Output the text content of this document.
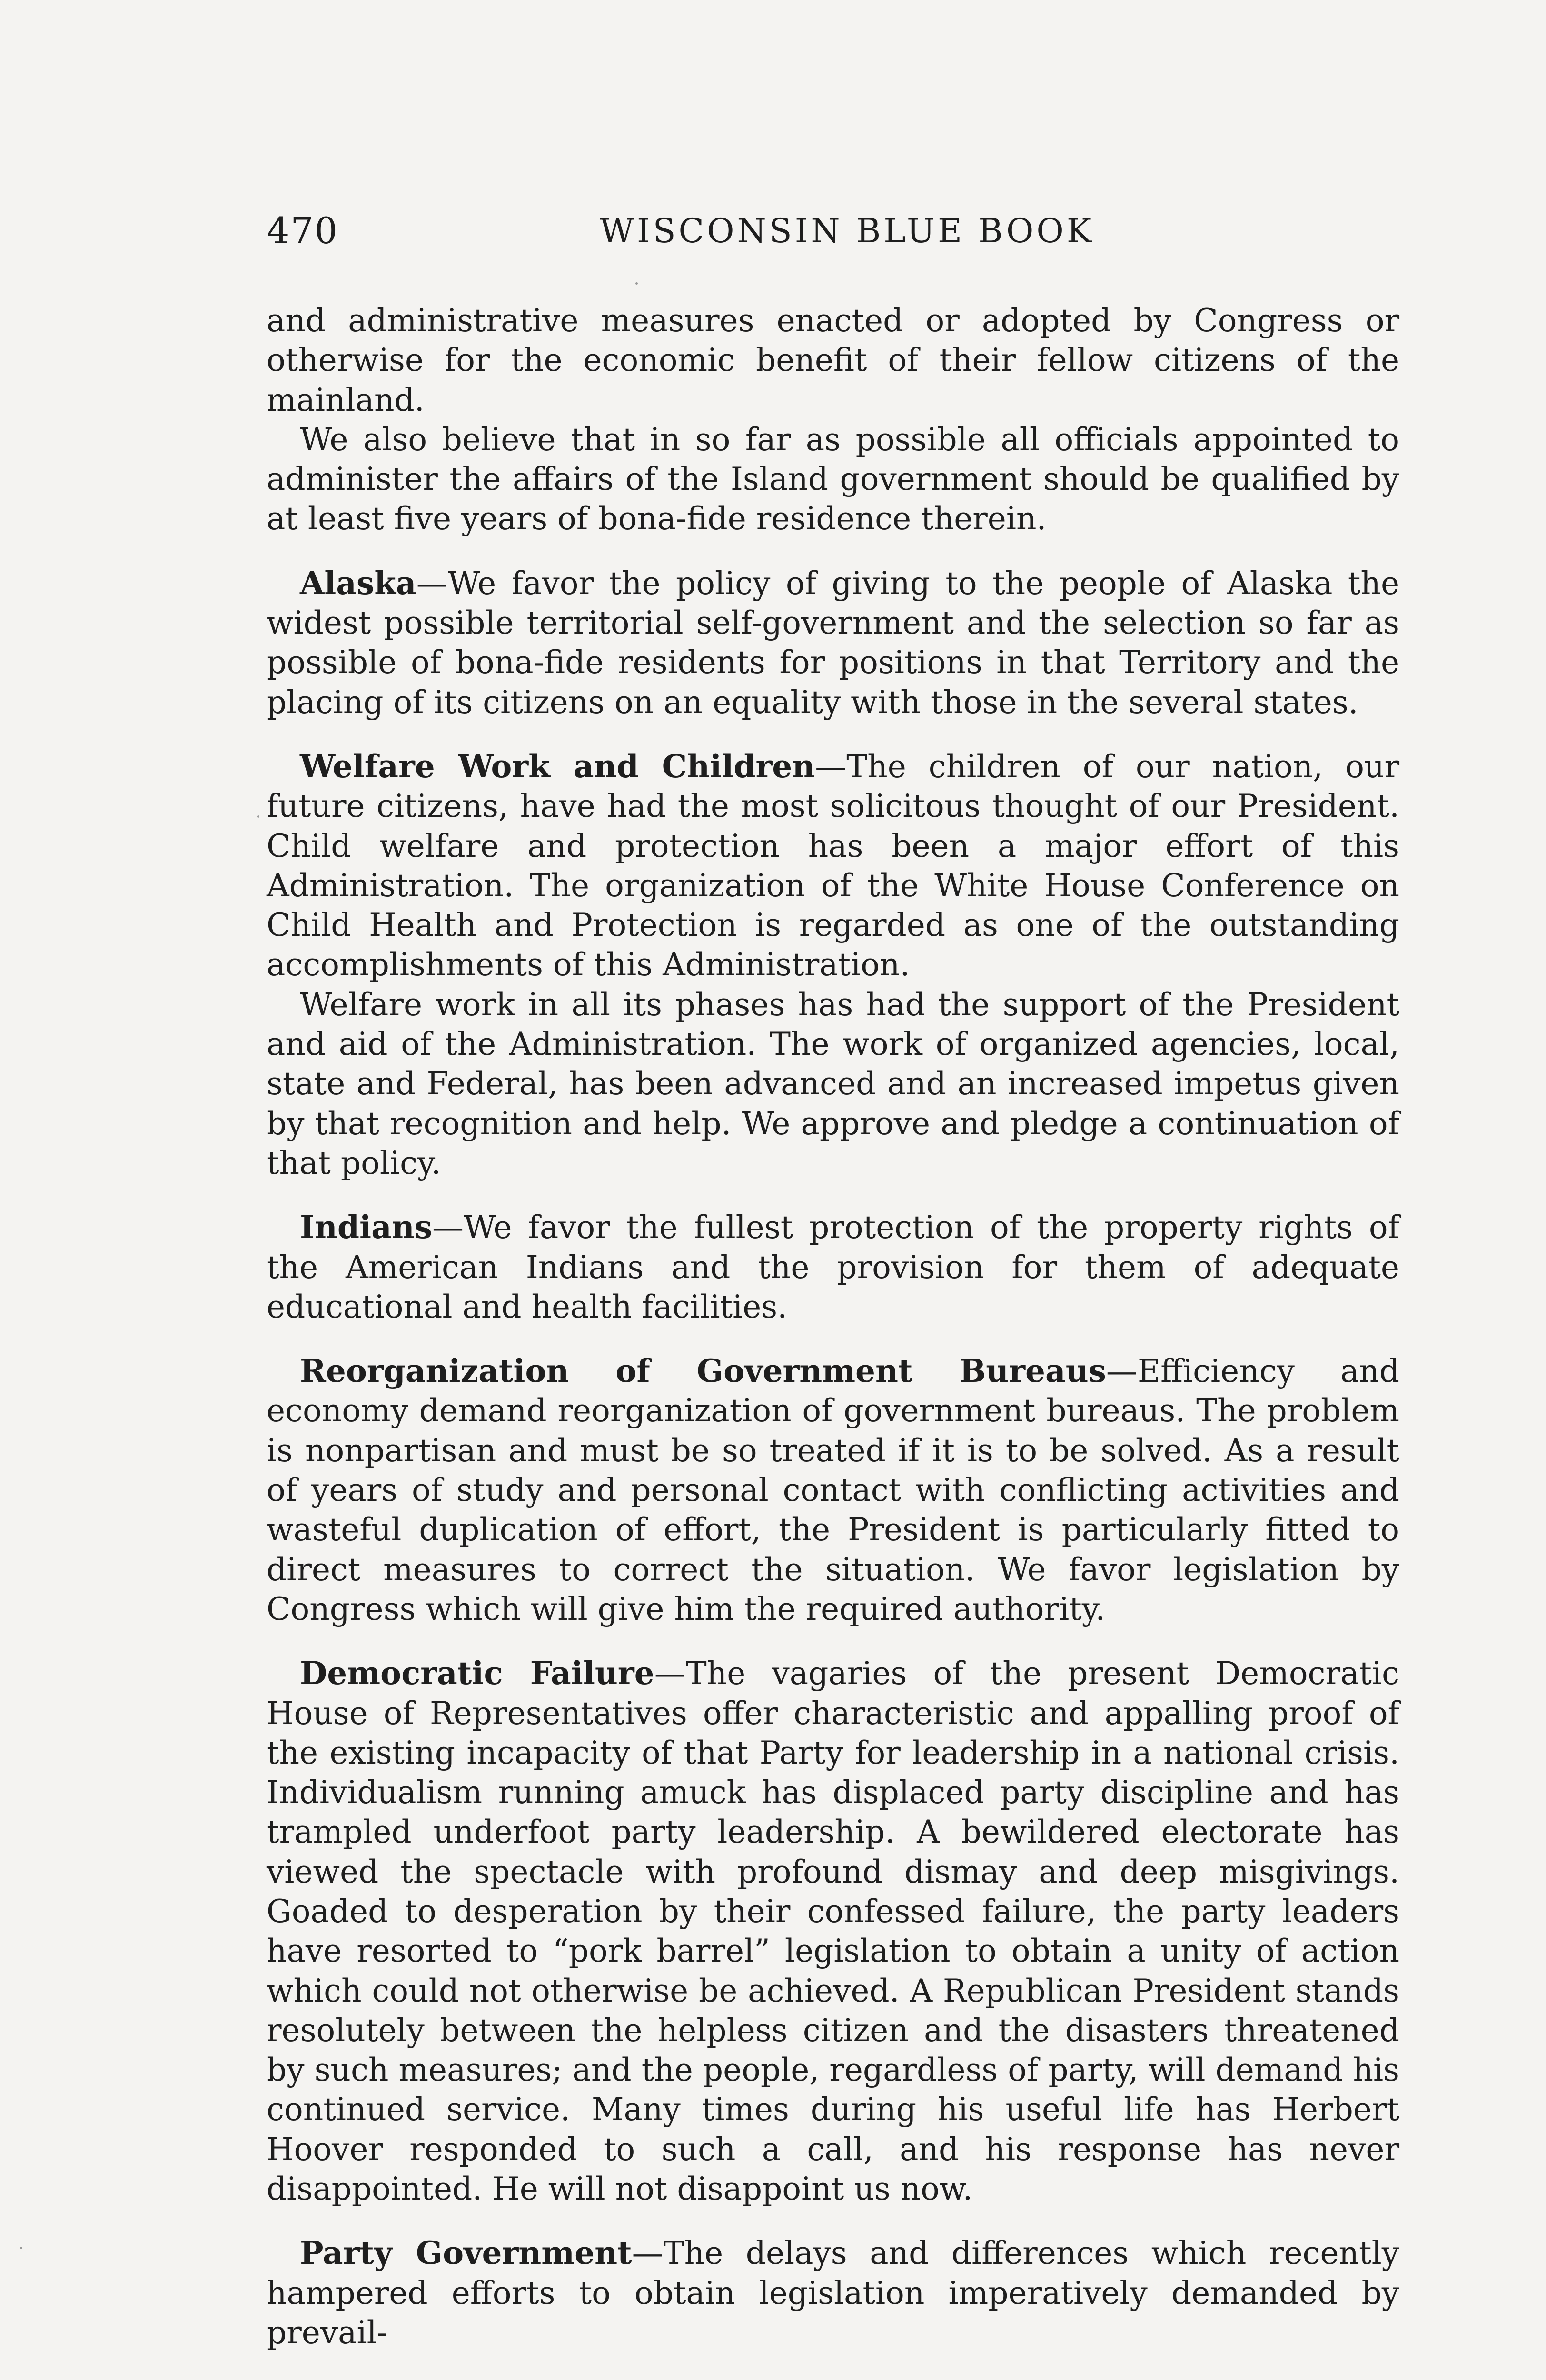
470	WISCONSIN BLUE BOOK

and administrative measures enacted or adopted by Congress or otherwise for the economic benefit of their fellow citizens of the mainland.

We also believe that in so far as possible all officials appointed to administer the affairs of the Island government should be qualified by at least five years of bona-fide residence therein.

Alaska—We favor the policy of giving to the people of Alaska the widest possible territorial self-government and the selection so far as possible of bona-fide residents for positions in that Territory and the placing of its citizens on an equality with those in the several states.

Welfare Work and Children—The children of our nation, our future citizens, have had the most solicitous thought of our President. Child welfare and protection has been a major effort of this Administration. The organization of the White House Conference on Child Health and Protection is regarded as one of the outstanding accomplishments of this Administration.

Welfare work in all its phases has had the support of the President and aid of the Administration. The work of organized agencies, local, state and Federal, has been advanced and an increased impetus given by that recognition and help. We approve and pledge a continuation of that policy.

Indians—We favor the fullest protection of the property rights of the American Indians and the provision for them of adequate educational and health facilities.

Reorganization of Government Bureaus—Efficiency and economy demand reorganization of government bureaus. The problem is nonpartisan and must be so treated if it is to be solved. As a result of years of study and personal contact with conflicting activities and wasteful duplication of effort, the President is particularly fitted to direct measures to correct the situation. We favor legislation by Congress which will give him the required authority.

Democratic Failure—The vagaries of the present Democratic House of Representatives offer characteristic and appalling proof of the existing incapacity of that Party for leadership in a national crisis. Individualism running amuck has displaced party discipline and has trampled underfoot party leadership. A bewildered electorate has viewed the spectacle with profound dismay and deep misgivings. Goaded to desperation by their confessed failure, the party leaders have resorted to “pork barrel” legislation to obtain a unity of action which could not otherwise be achieved. A Republican President stands resolutely between the helpless citizen and the disasters threatened by such measures; and the people, regardless of party, will demand his continued service. Many times during his useful life has Herbert Hoover responded to such a call, and his response has never disappointed. He will not disappoint us now.

Party Government—The delays and differences which recently hampered efforts to obtain legislation imperatively demanded by prevail-
